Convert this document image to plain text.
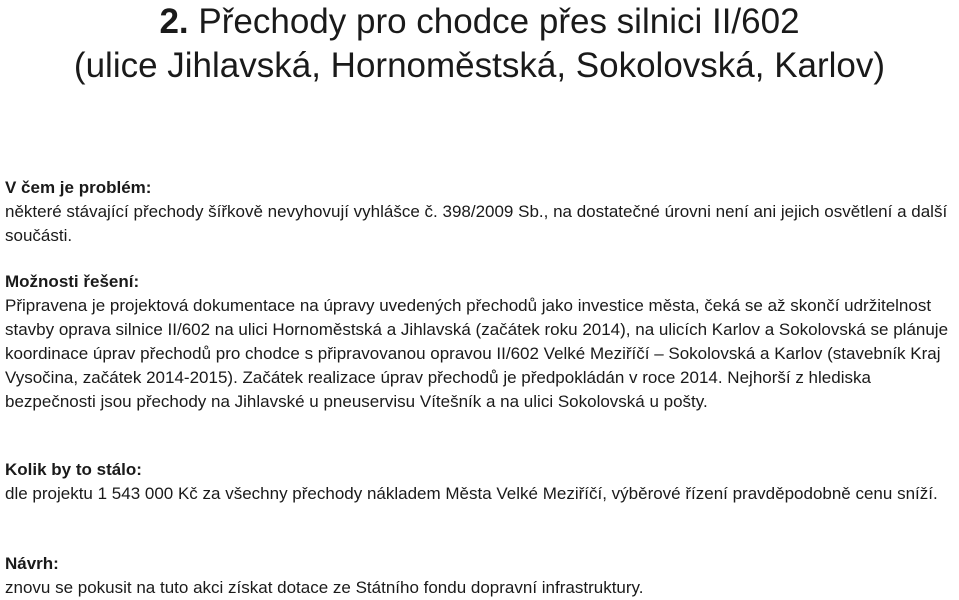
2. Přechody pro chodce přes silnici II/602
(ulice Jihlavská, Hornoměstská, Sokolovská, Karlov)
V čem je problém:
některé stávající přechody šířkově nevyhovují vyhlášce č. 398/2009 Sb., na dostatečné úrovni není ani jejich osvětlení a další součásti.
Možnosti řešení:
Připravena je projektová dokumentace na úpravy uvedených přechodů jako investice města, čeká se až skončí udržitelnost stavby oprava silnice II/602 na ulici Hornoměstská a Jihlavská (začátek roku 2014), na ulicích Karlov a Sokolovská se plánuje koordinace úprav přechodů pro chodce s připravovanou opravou II/602 Velké Meziříčí – Sokolovská a Karlov (stavebník Kraj Vysočina, začátek 2014-2015). Začátek realizace úprav přechodů je předpokládán v roce 2014. Nejhorší z hlediska bezpečnosti jsou přechody na Jihlavské u pneuservisu Vítešník a na ulici Sokolovská u pošty.
Kolik by to stálo:
dle projektu 1 543 000 Kč za všechny přechody nákladem Města Velké Meziříčí, výběrové řízení pravděpodobně cenu sníží.
Návrh:
znovu se pokusit na tuto akci získat dotace ze Státního fondu dopravní infrastruktury.
